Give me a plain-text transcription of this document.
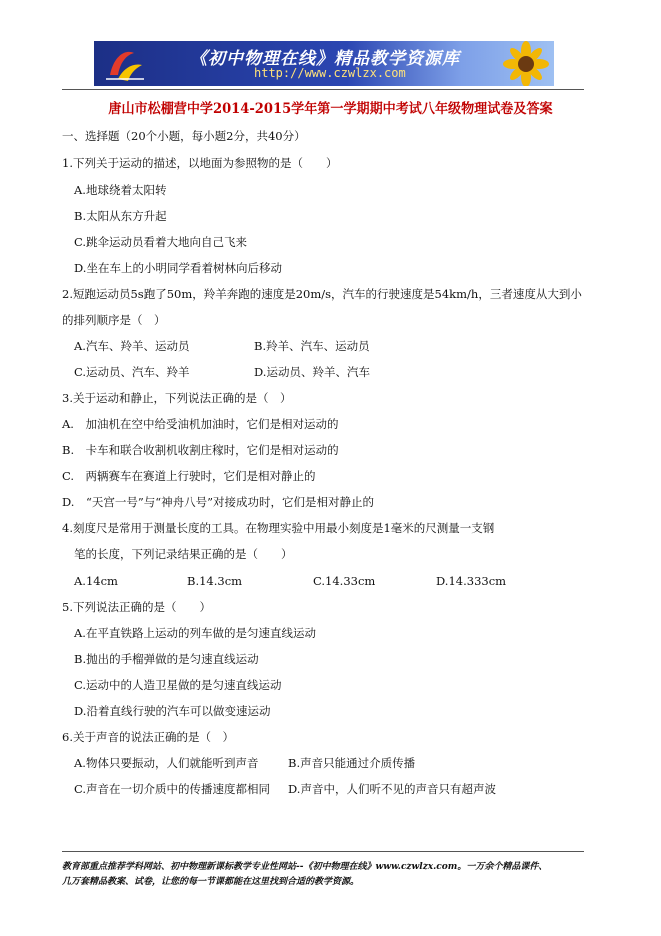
《初中物理在线》精品教学资源库
http://www.czwlzx.com
唐山市松棚营中学2014-2015学年第一学期期中考试八年级物理试卷及答案
一、选择题（20个小题，每小题2分，共40分）
1.下列关于运动的描述，以地面为参照物的是（　　）
A.地球绕着太阳转
B.太阳从东方升起
C.跳伞运动员看着大地向自己飞来
D.坐在车上的小明同学看着树林向后移动
2.短跑运动员5s跑了50m，羚羊奔跑的速度是20m/s，汽车的行驶速度是54km/h，三者速度从大到小
的排列顺序是（　）
A.汽车、羚羊、运动员	B.羚羊、汽车、运动员
C.运动员、汽车、羚羊	D.运动员、羚羊、汽车
3.关于运动和静止，下列说法正确的是（　）
A.　加油机在空中给受油机加油时，它们是相对运动的
B.　卡车和联合收割机收割庄稼时，它们是相对运动的
C.　两辆赛车在赛道上行驶时，它们是相对静止的
D.　“天宫一号”与“神舟八号”对接成功时，它们是相对静止的
4.刻度尺是常用于测量长度的工具。在物理实验中用最小刻度是1毫米的尺测量一支钢
笔的长度，下列记录结果正确的是（　　）
A.14cm	B.14.3cm	C.14.33cm	D.14.333cm
5.下列说法正确的是（　　）
A.在平直铁路上运动的列车做的是匀速直线运动
B.抛出的手榴弹做的是匀速直线运动
C.运动中的人造卫星做的是匀速直线运动
D.沿着直线行驶的汽车可以做变速运动
6.关于声音的说法正确的是（　）
A.物体只要振动，人们就能听到声音	B.声音只能通过介质传播
C.声音在一切介质中的传播速度都相同 D.声音中，人们听不见的声音只有超声波
教育部重点推荐学科网站、初中物理新课标教学专业性网站--《初中物理在线》www.czwlzx.com。一万余个精品课件、
几万套精品教案、试卷，让您的每一节课都能在这里找到合适的教学资源。
